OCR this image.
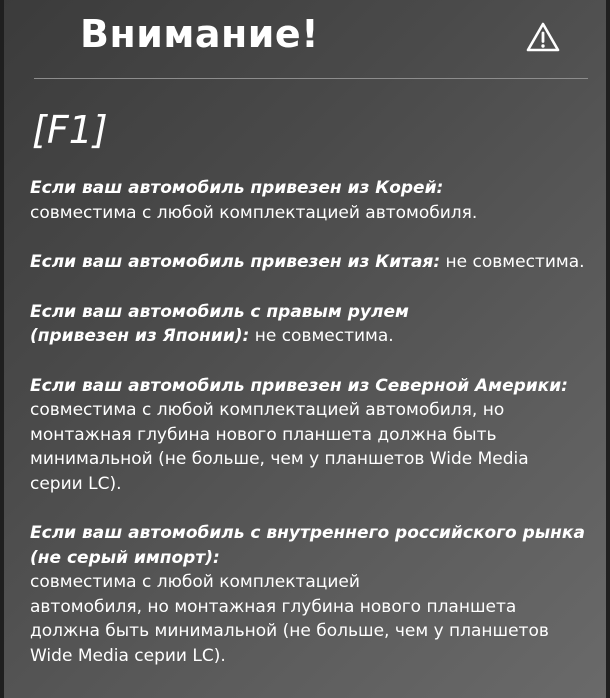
Внимание!
[F1]
Если ваш автомобиль привезен из Корей:
совместима с любой комплектацией автомобиля.
Если ваш автомобиль привезен из Китая: не совместима.
Если ваш автомобиль с правым рулем
(привезен из Японии): не совместима.
Если ваш автомобиль привезен из Северной Америки:
совместима с любой комплектацией автомобиля, но
монтажная глубина нового планшета должна быть
минимальной (не больше, чем у планшетов Wide Media
серии LC).
Если ваш автомобиль с внутреннего российского рынка
(не серый импорт):
совместима с любой комплектацией
автомобиля, но монтажная глубина нового планшета
должна быть минимальной (не больше, чем у планшетов
Wide Media серии LC).
